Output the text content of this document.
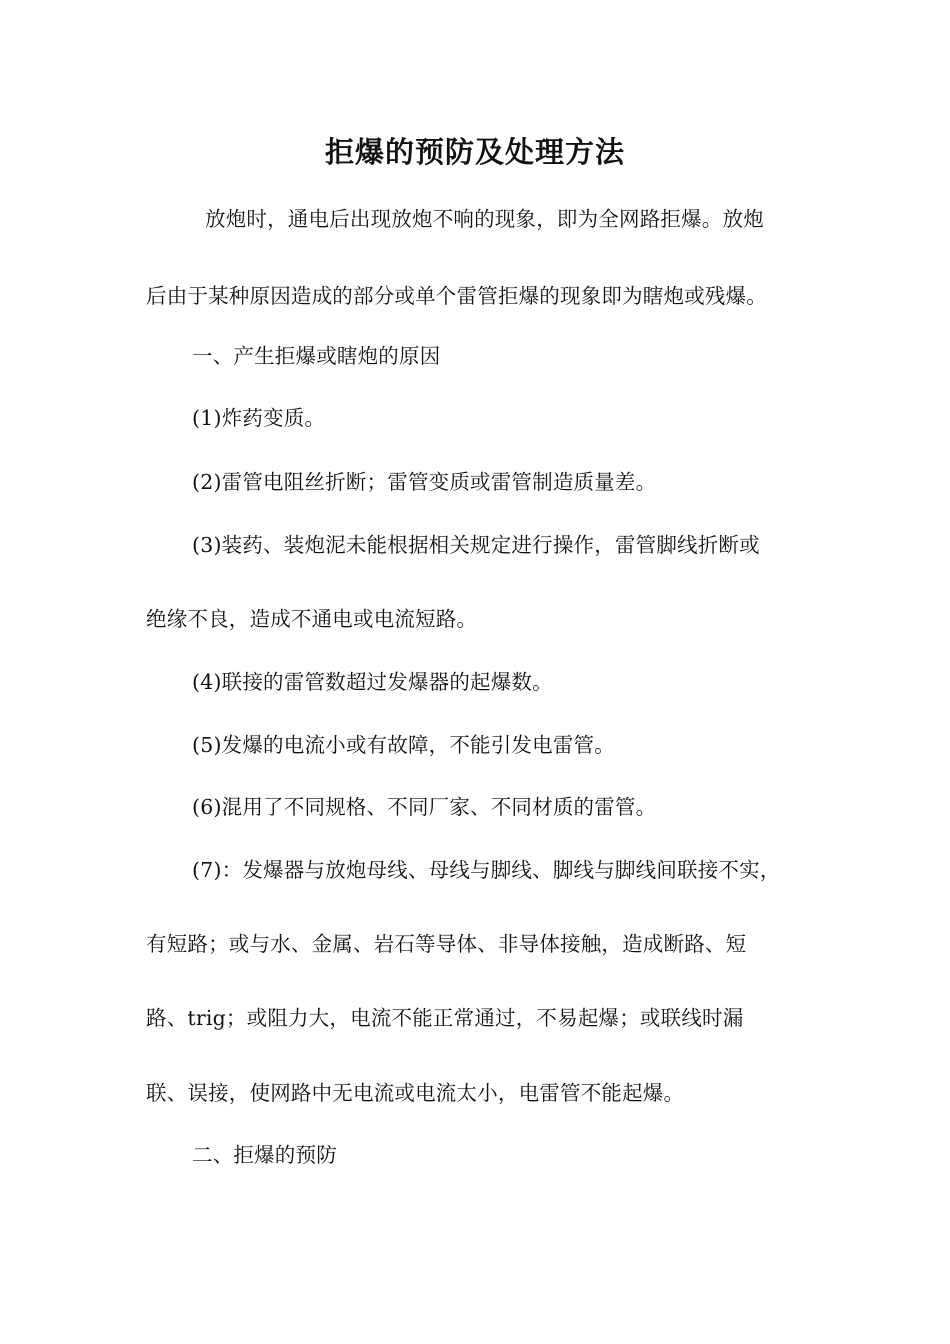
拒爆的预防及处理方法
放炮时，通电后出现放炮不响的现象，即为全网路拒爆。放炮
后由于某种原因造成的部分或单个雷管拒爆的现象即为瞎炮或残爆。
一、产生拒爆或瞎炮的原因
(1)炸药变质。
(2)雷管电阻丝折断；雷管变质或雷管制造质量差。
(3)装药、装炮泥未能根据相关规定进行操作，雷管脚线折断或
绝缘不良，造成不通电或电流短路。
(4)联接的雷管数超过发爆器的起爆数。
(5)发爆的电流小或有故障，不能引发电雷管。
(6)混用了不同规格、不同厂家、不同材质的雷管。
(7)：发爆器与放炮母线、母线与脚线、脚线与脚线间联接不实，
有短路；或与水、金属、岩石等导体、非导体接触，造成断路、短
路、trig；或阻力大，电流不能正常通过，不易起爆；或联线时漏
联、误接，使网路中无电流或电流太小，电雷管不能起爆。
二、拒爆的预防
